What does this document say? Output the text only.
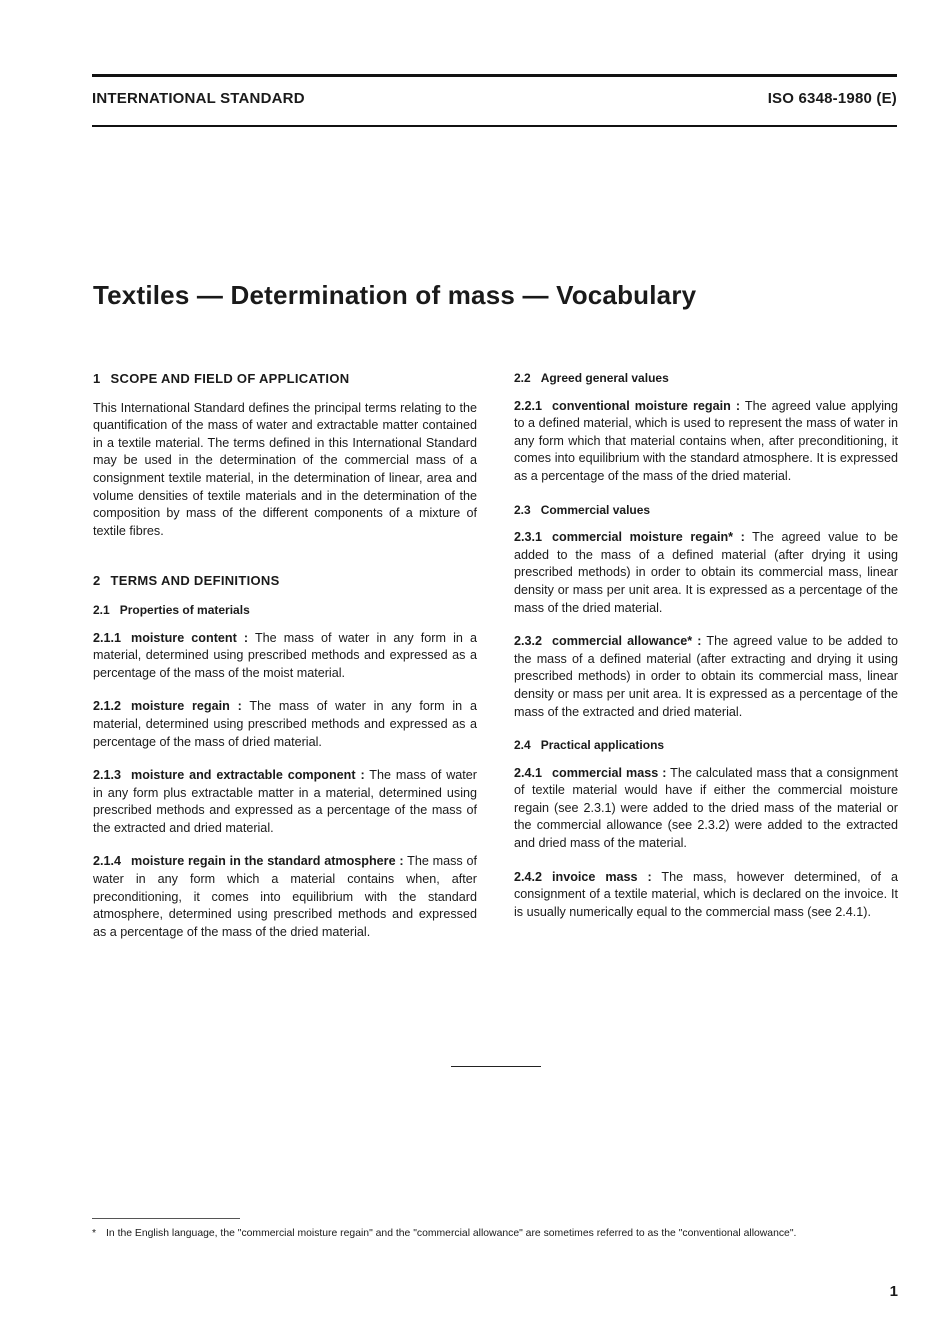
INTERNATIONAL STANDARD	ISO 6348-1980 (E)
Textiles — Determination of mass — Vocabulary
1 SCOPE AND FIELD OF APPLICATION

This International Standard defines the principal terms relating to the quantification of the mass of water and extractable matter contained in a textile material. The terms defined in this International Standard may be used in the determination of the commercial mass of a consignment textile material, in the determination of linear, area and volume densities of textile materials and in the determination of the composition by mass of the different components of a mixture of textile fibres.

2 TERMS AND DEFINITIONS
2.1 Properties of materials

2.1.1 moisture content : The mass of water in any form in a material, determined using prescribed methods and expressed as a percentage of the mass of the moist material.

2.1.2 moisture regain : The mass of water in any form in a material, determined using prescribed methods and expressed as a percentage of the mass of dried material.

2.1.3 moisture and extractable component : The mass of water in any form plus extractable matter in a material, determined using prescribed methods and expressed as a percentage of the mass of the extracted and dried material.

2.1.4 moisture regain in the standard atmosphere : The mass of water in any form which a material contains when, after preconditioning, it comes into equilibrium with the standard atmosphere, determined using prescribed methods and expressed as a percentage of the mass of the dried material.

2.2 Agreed general values

2.2.1 conventional moisture regain : The agreed value applying to a defined material, which is used to represent the mass of water in any form which that material contains when, after preconditioning, it comes into equilibrium with the standard atmosphere. It is expressed as a percentage of the mass of the dried material.

2.3 Commercial values

2.3.1 commercial moisture regain* : The agreed value to be added to the mass of a defined material (after drying it using prescribed methods) in order to obtain its commercial mass, linear density or mass per unit area. It is expressed as a percentage of the mass of the dried material.

2.3.2 commercial allowance* : The agreed value to be added to the mass of a defined material (after extracting and drying it using prescribed methods) in order to obtain its commercial mass, linear density or mass per unit area. It is expressed as a percentage of the mass of the extracted and dried material.

2.4 Practical applications

2.4.1 commercial mass : The calculated mass that a consignment of textile material would have if either the commercial moisture regain (see 2.3.1) were added to the dried mass of the material or the commercial allowance (see 2.3.2) were added to the extracted and dried mass of the material.

2.4.2 invoice mass : The mass, however determined, of a consignment of a textile material, which is declared on the invoice. It is usually numerically equal to the commercial mass (see 2.4.1).

* In the English language, the "commercial moisture regain" and the "commercial allowance" are sometimes referred to as the "conventional allowance".

1
